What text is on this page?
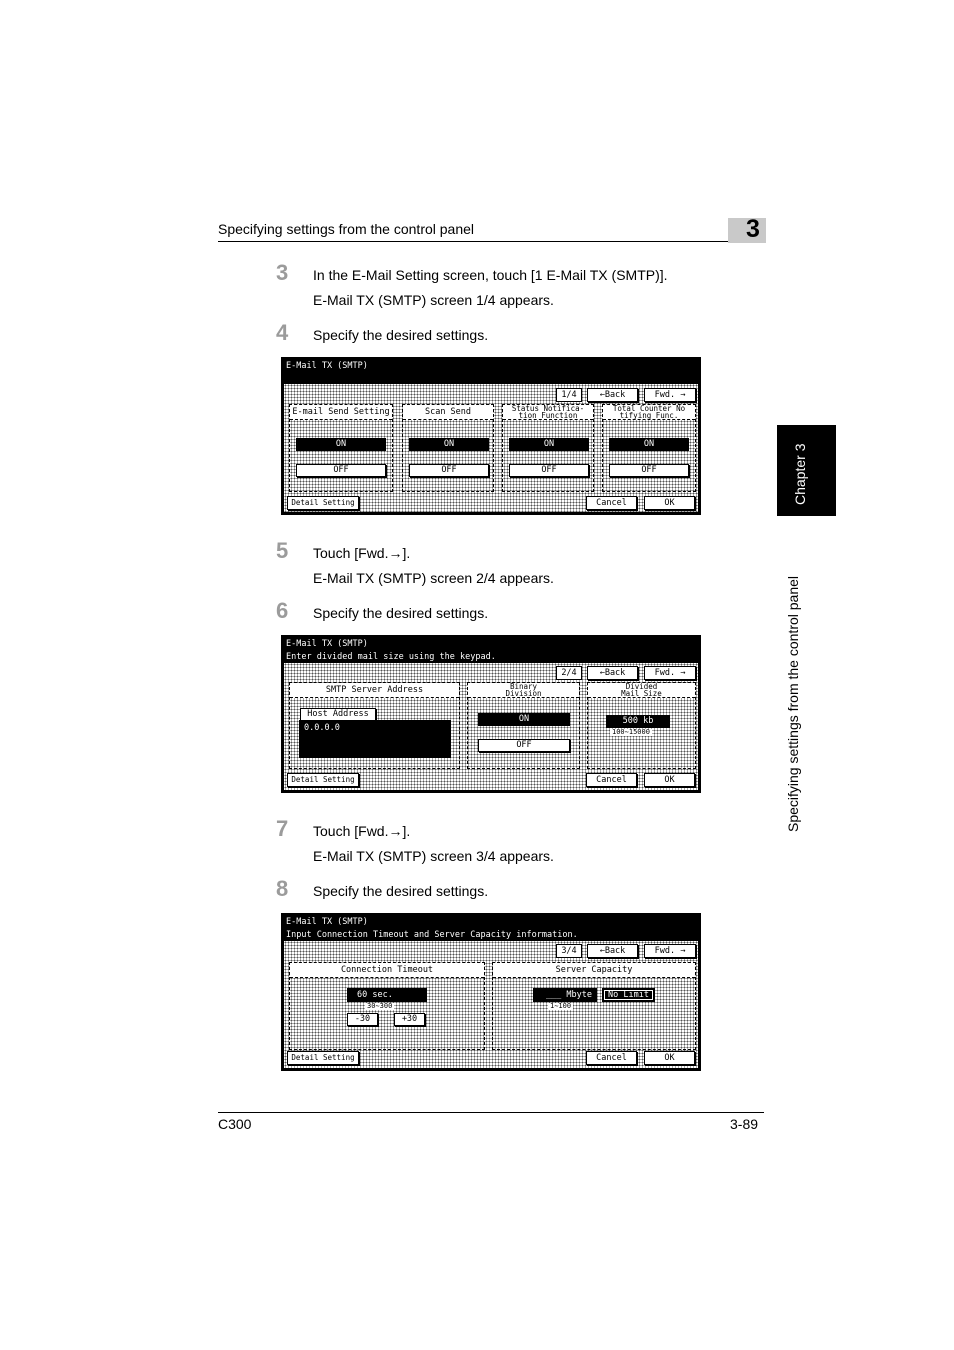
Specifying settings from the control panel	3
Chapter 3
Specifying settings from the control panel
3 In the E-Mail Setting screen, touch [1 E-Mail TX (SMTP)].
E-Mail TX (SMTP) screen 1/4 appears.
4 Specify the desired settings.
E-Mail TX (SMTP)
1/4	←Back	Fwd. →
E-mail Send Setting
ON
OFF
Scan Send
ON
OFF
Status Notifica-
tion Function
ON
OFF
Total Counter No
tifying Func.
ON
OFF
Detail Setting	Cancel	OK
5 Touch [Fwd.→].
E-Mail TX (SMTP) screen 2/4 appears.
6 Specify the desired settings.
E-Mail TX (SMTP)
Enter divided mail size using the keypad.
2/4	←Back	Fwd. →
SMTP Server Address
Host Address
0.0.0.0
Binary
Division
ON
OFF
Divided
Mail Size
500 kb
100∼15000
Detail Setting	Cancel	OK
7 Touch [Fwd.→].
E-Mail TX (SMTP) screen 3/4 appears.
8 Specify the desired settings.
E-Mail TX (SMTP)
Input Connection Timeout and Server Capacity information.
3/4	←Back	Fwd. →
Connection Timeout
60 sec.
30∼300
-30	+30
Server Capacity
___ Mbyte
1∼100
No Limit
Detail Setting	Cancel	OK
C300	3-89
